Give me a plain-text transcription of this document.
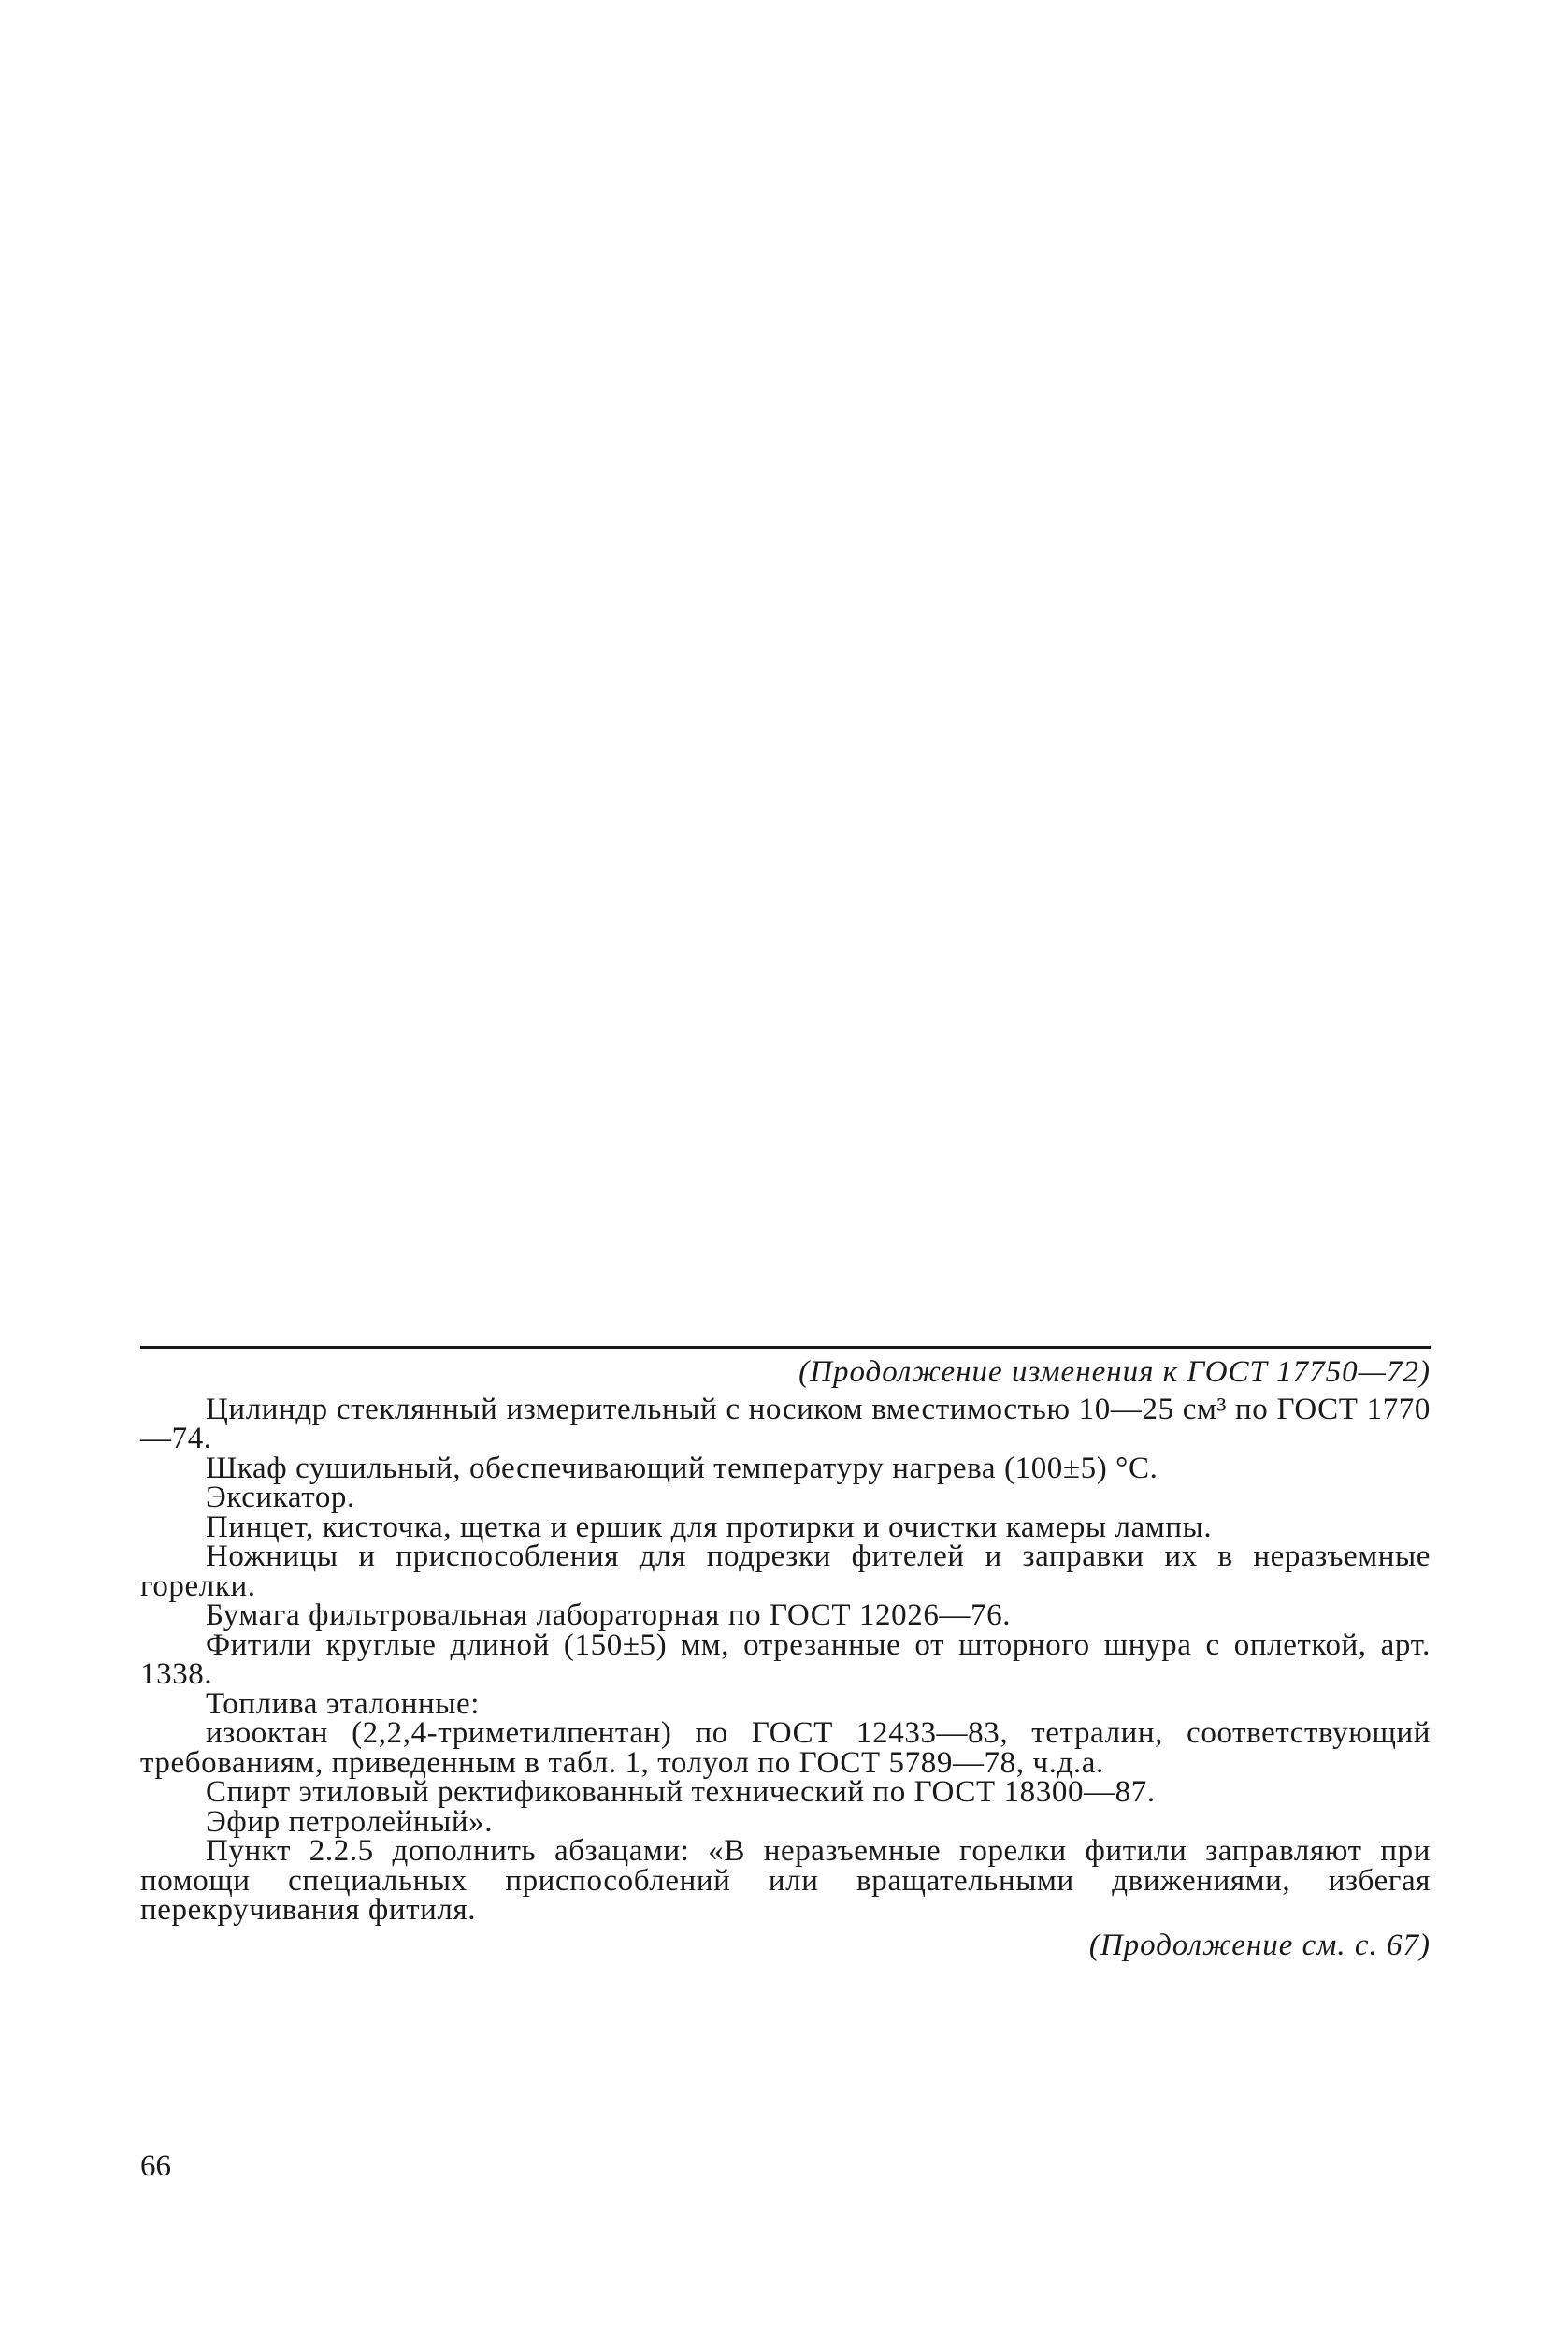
(Продолжение изменения к ГОСТ 17750—72)

Цилиндр стеклянный измерительный с носиком вместимостью 10—25 см³ по ГОСТ 1770—74.

Шкаф сушильный, обеспечивающий температуру нагрева (100±5) °С.

Эксикатор.

Пинцет, кисточка, щетка и ершик для протирки и очистки камеры лампы.

Ножницы и приспособления для подрезки фителей и заправки их в неразъемные горелки.

Бумага фильтровальная лабораторная по ГОСТ 12026—76.

Фитили круглые длиной (150±5) мм, отрезанные от шторного шнура с оплеткой, арт. 1338.

Топлива эталонные:

изооктан (2,2,4-триметилпентан) по ГОСТ 12433—83, тетралин, соответствующий требованиям, приведенным в табл. 1, толуол по ГОСТ 5789—78, ч.д.а.

Спирт этиловый ректификованный технический по ГОСТ 18300—87.

Эфир петролейный».

Пункт 2.2.5 дополнить абзацами: «В неразъемные горелки фитили заправляют при помощи специальных приспособлений или вращательными движениями, избегая перекручивания фитиля.

(Продолжение см. с. 67)

66
